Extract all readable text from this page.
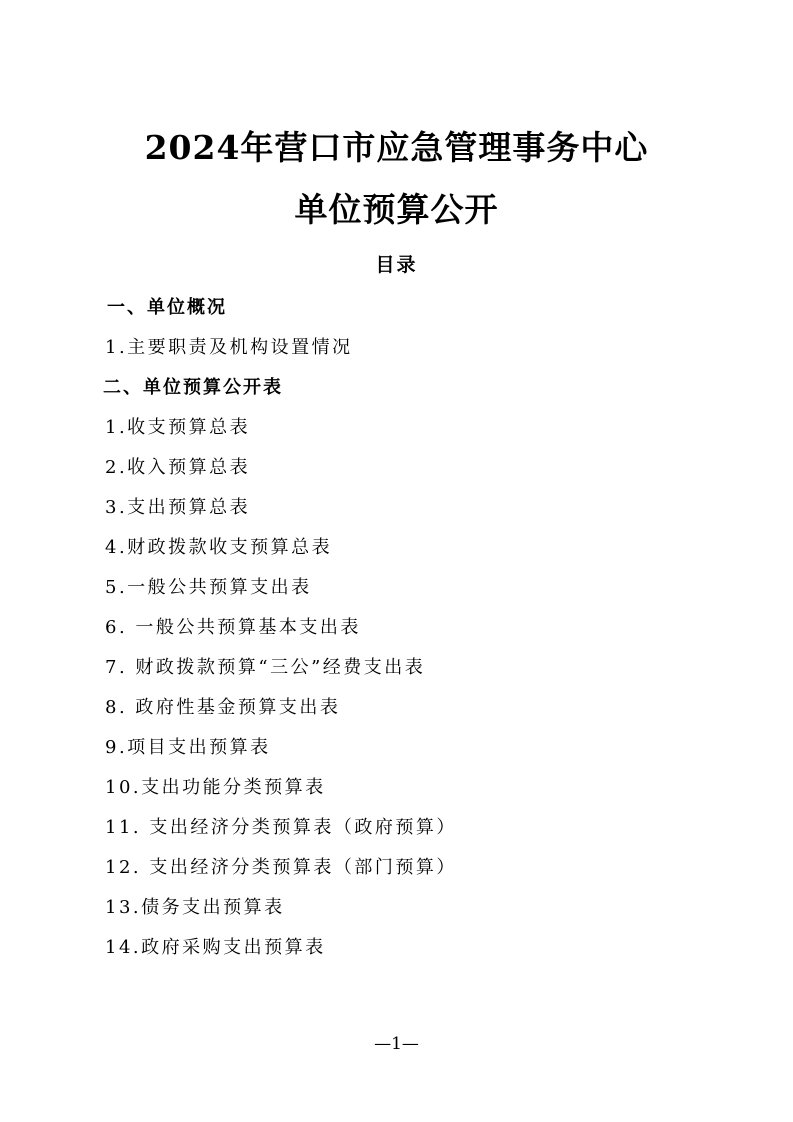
2024年营口市应急管理事务中心
单位预算公开
目录
一、单位概况
1.主要职责及机构设置情况
二、单位预算公开表
1.收支预算总表
2.收入预算总表
3.支出预算总表
4.财政拨款收支预算总表
5.一般公共预算支出表
6. 一般公共预算基本支出表
7. 财政拨款预算“三公”经费支出表
8. 政府性基金预算支出表
9.项目支出预算表
10.支出功能分类预算表
11. 支出经济分类预算表（政府预算）
12. 支出经济分类预算表（部门预算）
13.债务支出预算表
14.政府采购支出预算表
—1—
